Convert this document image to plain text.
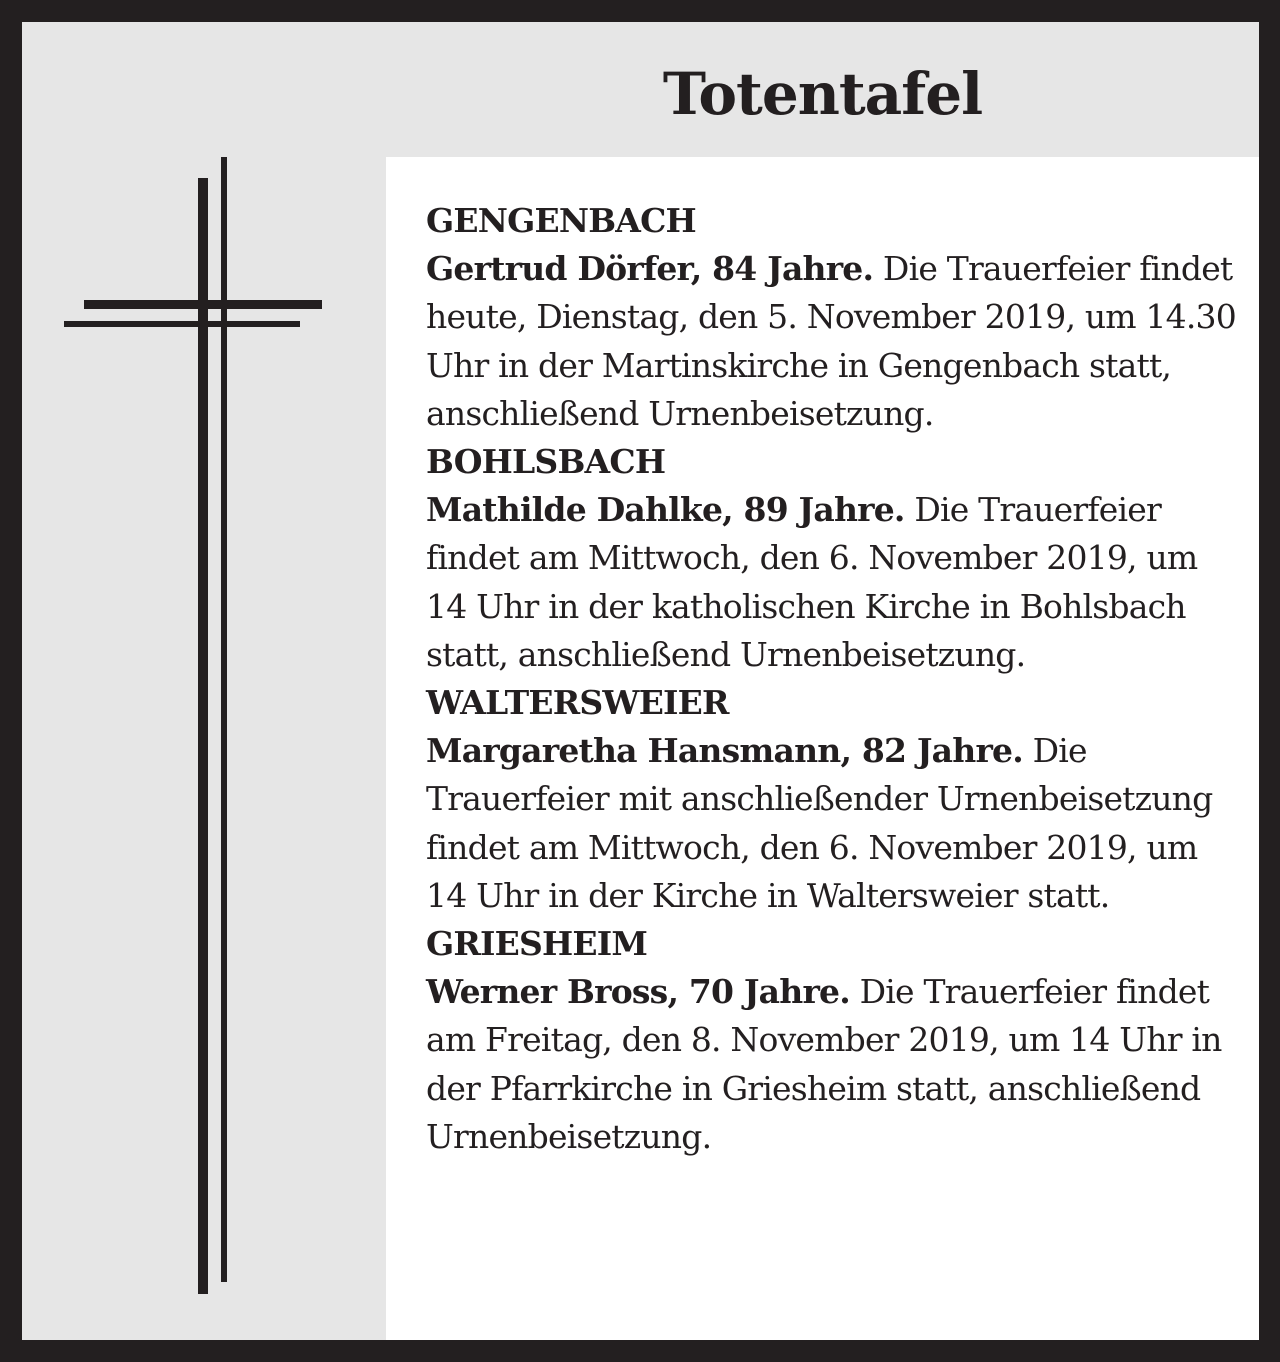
Totentafel

GENGENBACH

Gertrud Dörfer, 84 Jahre. Die Trauerfeier findet heute, Dienstag, den 5. November 2019, um 14.30 Uhr in der Martinskirche in Gengenbach statt, anschließend Urnenbeisetzung.

BOHLSBACH

Mathilde Dahlke, 89 Jahre. Die Trauerfeier findet am Mittwoch, den 6. November 2019, um 14 Uhr in der katholischen Kirche in Bohlsbach statt, anschließend Urnenbeisetzung.

WALTERSWEIER

Margaretha Hansmann, 82 Jahre. Die Trauerfeier mit anschließender Urnenbeisetzung findet am Mittwoch, den 6. November 2019, um 14 Uhr in der Kirche in Waltersweier statt.

GRIESHEIM

Werner Bross, 70 Jahre. Die Trauerfeier findet am Freitag, den 8. November 2019, um 14 Uhr in der Pfarrkirche in Griesheim statt, anschließend Urnenbeisetzung.
